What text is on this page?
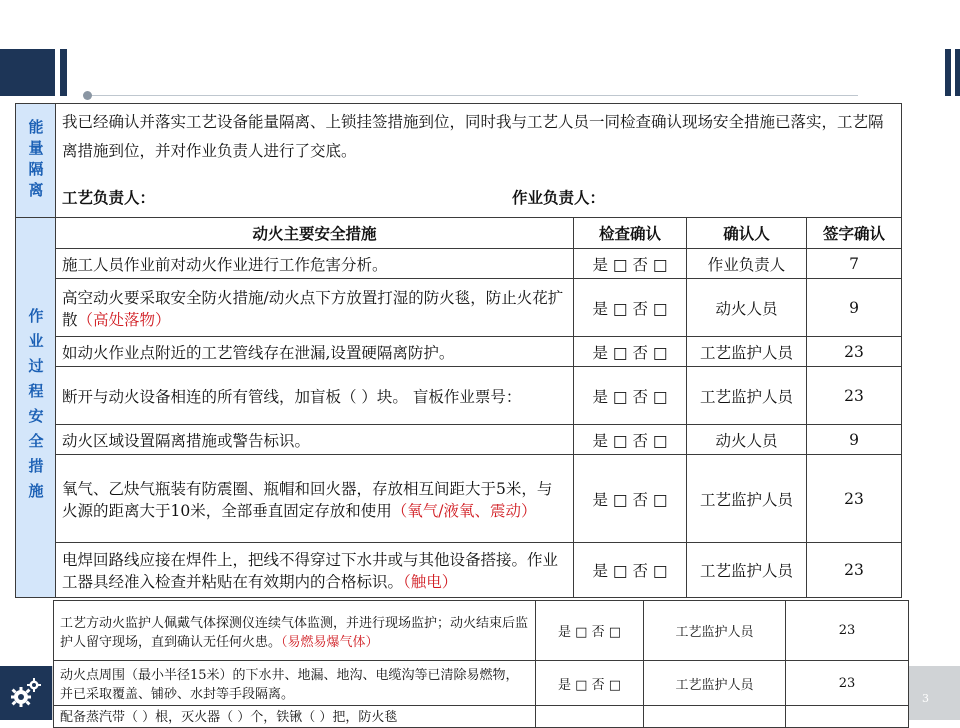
能量隔离	我已经确认并落实工艺设备能量隔离、上锁挂签措施到位，同时我与工艺人员一同检查确认现场安全措施已落实，工艺隔离措施到位，并对作业负责人进行了交底。
工艺负责人： 作业负责人：			

作业过程安全措施	动火主要安全措施	检查确认	确认人	签字确认
	施工人员作业前对动火作业进行工作危害分析。	是 □ 否 □	作业负责人	7
	高空动火要采取安全防火措施/动火点下方放置打湿的防火毯，防止火花扩散（高处落物）	是 □ 否 □	动火人员	9
	如动火作业点附近的工艺管线存在泄漏,设置硬隔离防护。	是 □ 否 □	工艺监护人员	23
	断开与动火设备相连的所有管线，加盲板（ ）块。 盲板作业票号：	是 □ 否 □	工艺监护人员	23
	动火区域设置隔离措施或警告标识。	是 □ 否 □	动火人员	9
	氧气、乙炔气瓶装有防震圈、瓶帽和回火器，存放相互间距大于5米，与火源的距离大于10米，全部垂直固定存放和使用（氧气/液氧、震动）	是 □ 否 □	工艺监护人员	23
	电焊回路线应接在焊件上，把线不得穿过下水井或与其他设备搭接。作业工器具经准入检查并粘贴在有效期内的合格标识。（触电）	是 □ 否 □	工艺监护人员	23
3
工艺方动火监护人佩戴气体探测仪连续气体监测，并进行现场监护；动火结束后监护人留守现场，直到确认无任何火患。（易燃易爆气体）	是 □ 否 □	工艺监护人员	23
动火点周围（最小半径15米）的下水井、地漏、地沟、电缆沟等已清除易燃物，并已采取覆盖、铺砂、水封等手段隔离。	是 □ 否 □	工艺监护人员	23
配备蒸汽带（ ）根，灭火器（ ）个，铁锹（ ）把，防火毯			
